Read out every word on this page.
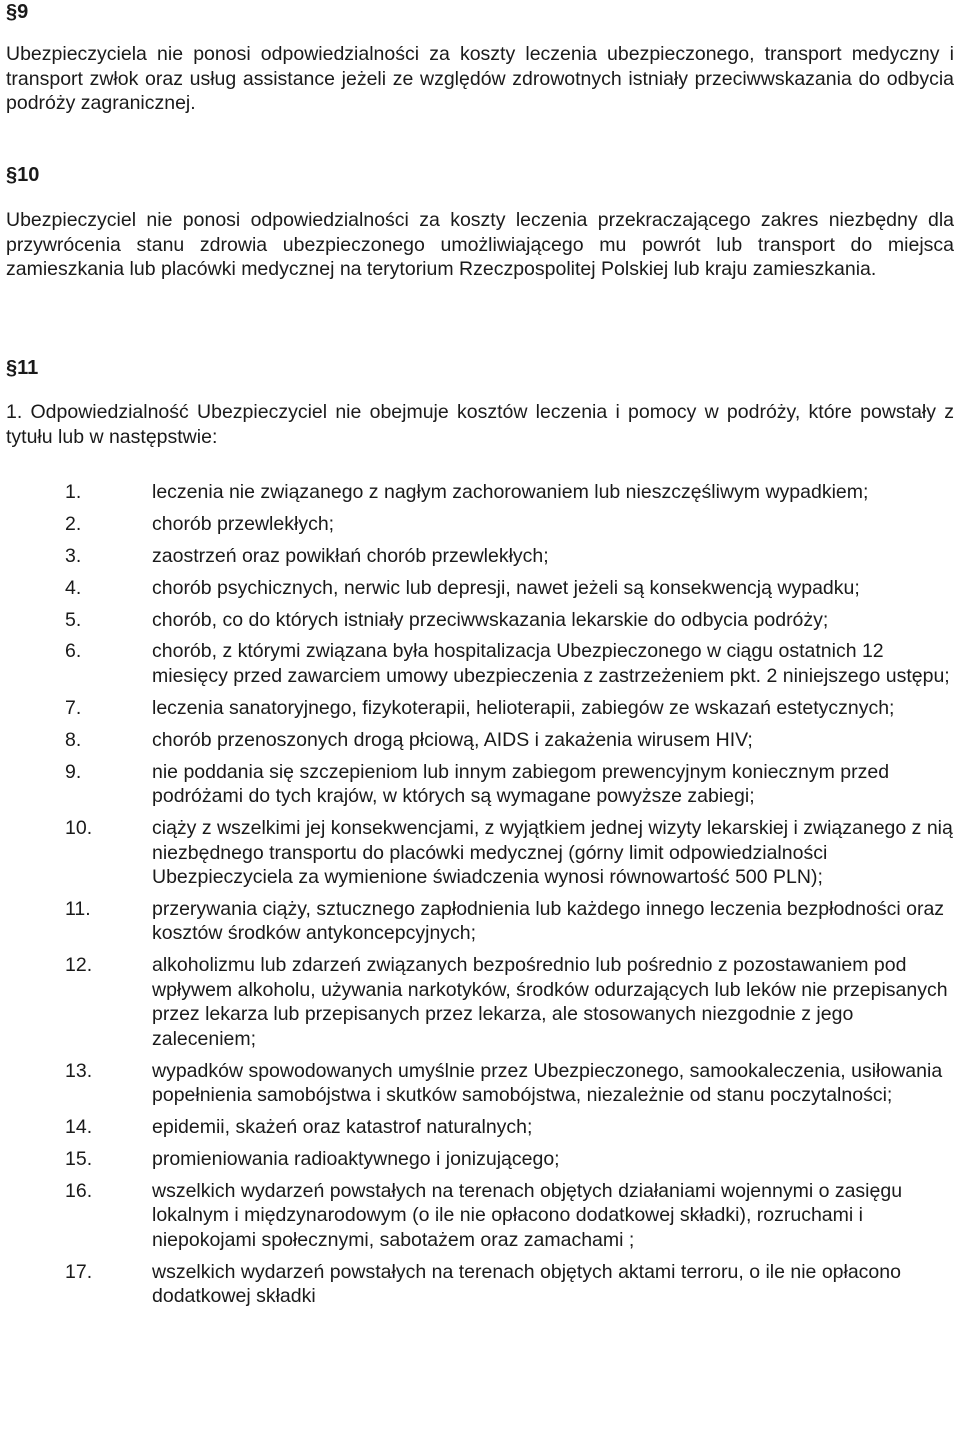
§9

Ubezpieczyciela nie ponosi odpowiedzialności za koszty leczenia ubezpieczonego, transport medyczny i transport zwłok oraz usług assistance jeżeli ze względów zdrowotnych istniały przeciwwskazania do odbycia podróży zagranicznej.

§10

Ubezpieczyciel nie ponosi odpowiedzialności za koszty leczenia przekraczającego zakres niezbędny dla przywrócenia stanu zdrowia ubezpieczonego umożliwiającego mu powrót lub transport do miejsca zamieszkania lub placówki medycznej na terytorium Rzeczpospolitej Polskiej lub kraju zamieszkania.

§11

1. Odpowiedzialność Ubezpieczyciel nie obejmuje kosztów leczenia i pomocy w podróży, które powstały z tytułu lub w następstwie:

1.	leczenia nie związanego z nagłym zachorowaniem lub nieszczęśliwym wypadkiem;
2.	chorób przewlekłych;
3.	zaostrzeń oraz powikłań chorób przewlekłych;
4.	chorób psychicznych, nerwic lub depresji, nawet jeżeli są konsekwencją wypadku;
5.	chorób, co do których istniały przeciwwskazania lekarskie do odbycia podróży;
6.	chorób, z którymi związana była hospitalizacja Ubezpieczonego w ciągu ostatnich 12 miesięcy przed zawarciem umowy ubezpieczenia z zastrzeżeniem pkt. 2 niniejszego ustępu;
7.	leczenia sanatoryjnego, fizykoterapii, helioterapii, zabiegów ze wskazań estetycznych;
8.	chorób przenoszonych drogą płciową, AIDS i zakażenia wirusem HIV;
9.	nie poddania się szczepieniom lub innym zabiegom prewencyjnym koniecznym przed podróżami do tych krajów, w których są wymagane powyższe zabiegi;
10.	ciąży z wszelkimi jej konsekwencjami, z wyjątkiem jednej wizyty lekarskiej i związanego z nią niezbędnego transportu do placówki medycznej (górny limit odpowiedzialności Ubezpieczyciela za wymienione świadczenia wynosi równowartość 500 PLN);
11.	przerywania ciąży, sztucznego zapłodnienia lub każdego innego leczenia bezpłodności oraz kosztów środków antykoncepcyjnych;
12.	alkoholizmu lub zdarzeń związanych bezpośrednio lub pośrednio z pozostawaniem pod wpływem alkoholu, używania narkotyków, środków odurzających lub leków nie przepisanych przez lekarza lub przepisanych przez lekarza, ale stosowanych niezgodnie z jego zaleceniem;
13.	wypadków spowodowanych umyślnie przez Ubezpieczonego, samookaleczenia, usiłowania popełnienia samobójstwa i skutków samobójstwa, niezależnie od stanu poczytalności;
14.	epidemii, skażeń oraz katastrof naturalnych;
15.	promieniowania radioaktywnego i jonizującego;
16.	wszelkich wydarzeń powstałych na terenach objętych działaniami wojennymi o zasięgu lokalnym i międzynarodowym (o ile nie opłacono dodatkowej składki), rozruchami i niepokojami społecznymi, sabotażem oraz zamachami ;
17.	wszelkich wydarzeń powstałych na terenach objętych aktami terroru, o ile nie opłacono dodatkowej składki
